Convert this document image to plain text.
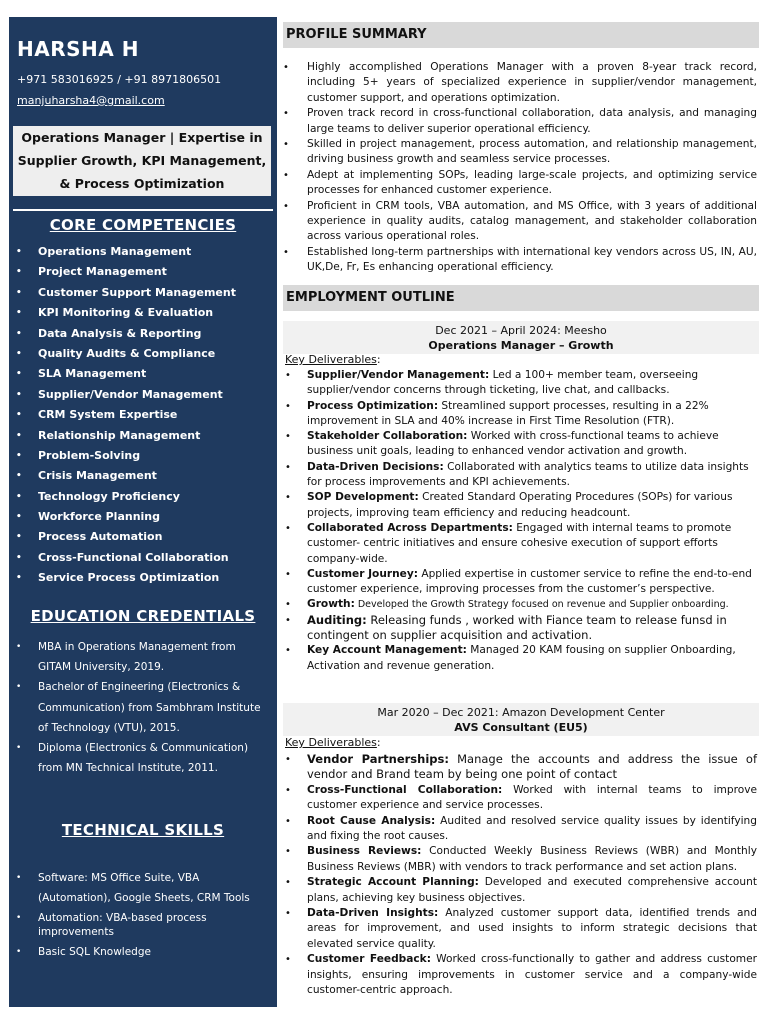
HARSHA H
+971 583016925 / +91 8971806501
manjuharsha4@gmail.com
Operations Manager | Expertise in Supplier Growth, KPI Management, & Process Optimization
CORE COMPETENCIES
• Operations Management
• Project Management
• Customer Support Management
• KPI Monitoring & Evaluation
• Data Analysis & Reporting
• Quality Audits & Compliance
• SLA Management
• Supplier/Vendor Management
• CRM System Expertise
• Relationship Management
• Problem-Solving
• Crisis Management
• Technology Proficiency
• Workforce Planning
• Process Automation
• Cross-Functional Collaboration
• Service Process Optimization
EDUCATION CREDENTIALS
• MBA in Operations Management from GITAM University, 2019.
• Bachelor of Engineering (Electronics & Communication) from Sambhram Institute of Technology (VTU), 2015.
• Diploma (Electronics & Communication) from MN Technical Institute, 2011.
TECHNICAL SKILLS
• Software: MS Office Suite, VBA (Automation), Google Sheets, CRM Tools
• Automation: VBA-based process improvements
• Basic SQL Knowledge
PROFILE SUMMARY
• Highly accomplished Operations Manager with a proven 8-year track record, including 5+ years of specialized experience in supplier/vendor management, customer support, and operations optimization.
• Proven track record in cross-functional collaboration, data analysis, and managing large teams to deliver superior operational efficiency.
• Skilled in project management, process automation, and relationship management, driving business growth and seamless service processes.
• Adept at implementing SOPs, leading large-scale projects, and optimizing service processes for enhanced customer experience.
• Proficient in CRM tools, VBA automation, and MS Office, with 3 years of additional experience in quality audits, catalog management, and stakeholder collaboration across various operational roles.
• Established long-term partnerships with international key vendors across US, IN, AU, UK,De, Fr, Es enhancing operational efficiency.
EMPLOYMENT OUTLINE
Dec 2021 – April 2024: Meesho
Operations Manager – Growth
Key Deliverables:
• Supplier/Vendor Management: Led a 100+ member team, overseeing supplier/vendor concerns through ticketing, live chat, and callbacks.
• Process Optimization: Streamlined support processes, resulting in a 22% improvement in SLA and 40% increase in First Time Resolution (FTR).
• Stakeholder Collaboration: Worked with cross-functional teams to achieve business unit goals, leading to enhanced vendor activation and growth.
• Data-Driven Decisions: Collaborated with analytics teams to utilize data insights for process improvements and KPI achievements.
• SOP Development: Created Standard Operating Procedures (SOPs) for various projects, improving team efficiency and reducing headcount.
• Collaborated Across Departments: Engaged with internal teams to promote customer- centric initiatives and ensure cohesive execution of support efforts company-wide.
• Customer Journey: Applied expertise in customer service to refine the end-to-end customer experience, improving processes from the customer’s perspective.
• Growth: Developed the Growth Strategy focused on revenue and Supplier onboarding.
• Auditing: Releasing funds , worked with Fiance team to release funsd in contingent on supplier acquisition and activation.
• Key Account Management: Managed 20 KAM fousing on supplier Onboarding, Activation and revenue generation.
Mar 2020 – Dec 2021: Amazon Development Center
AVS Consultant (EU5)
Key Deliverables:
• Vendor Partnerships: Manage the accounts and address the issue of vendor and Brand team by being one point of contact
• Cross-Functional Collaboration: Worked with internal teams to improve customer experience and service processes.
• Root Cause Analysis: Audited and resolved service quality issues by identifying and fixing the root causes.
• Business Reviews: Conducted Weekly Business Reviews (WBR) and Monthly Business Reviews (MBR) with vendors to track performance and set action plans.
• Strategic Account Planning: Developed and executed comprehensive account plans, achieving key business objectives.
• Data-Driven Insights: Analyzed customer support data, identified trends and areas for improvement, and used insights to inform strategic decisions that elevated service quality.
• Customer Feedback: Worked cross-functionally to gather and address customer insights, ensuring improvements in customer service and a company-wide customer-centric approach.
